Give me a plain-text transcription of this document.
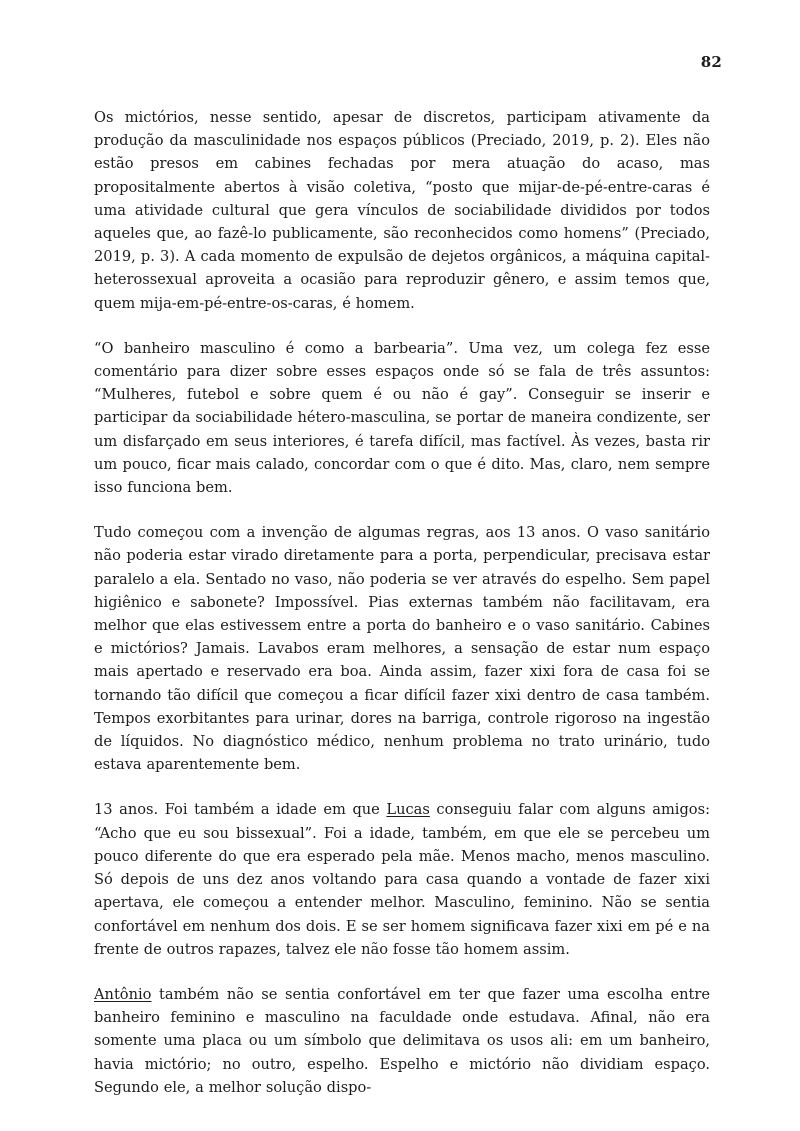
82

Os mictórios, nesse sentido, apesar de discretos, participam ativamente da produção da masculinidade nos espaços públicos (Preciado, 2019, p. 2). Eles não estão presos em cabines fechadas por mera atuação do acaso, mas propositalmente abertos à visão coletiva, “posto que mijar-de-pé-entre-caras é uma atividade cultural que gera vínculos de sociabilidade divididos por todos aqueles que, ao fazê-lo publicamente, são reconhecidos como homens” (Preciado, 2019, p. 3). A cada momento de expulsão de dejetos orgânicos, a máquina capital-heterossexual aproveita a ocasião para reproduzir gênero, e assim temos que, quem mija-em-pé-entre-os-caras, é homem.

“O banheiro masculino é como a barbearia”. Uma vez, um colega fez esse comentário para dizer sobre esses espaços onde só se fala de três assuntos: “Mulheres, futebol e sobre quem é ou não é gay”. Conseguir se inserir e participar da sociabilidade hétero-masculina, se portar de maneira condizente, ser um disfarçado em seus interiores, é tarefa difícil, mas factível. Às vezes, basta rir um pouco, ficar mais calado, concordar com o que é dito. Mas, claro, nem sempre isso funciona bem.

Tudo começou com a invenção de algumas regras, aos 13 anos. O vaso sanitário não poderia estar virado diretamente para a porta, perpendicular, precisava estar paralelo a ela. Sentado no vaso, não poderia se ver através do espelho. Sem papel higiênico e sabonete? Impossível. Pias externas também não facilitavam, era melhor que elas estivessem entre a porta do banheiro e o vaso sanitário. Cabines e mictórios? Jamais. Lavabos eram melhores, a sensação de estar num espaço mais apertado e reservado era boa. Ainda assim, fazer xixi fora de casa foi se tornando tão difícil que começou a ficar difícil fazer xixi dentro de casa também. Tempos exorbitantes para urinar, dores na barriga, controle rigoroso na ingestão de líquidos. No diagnóstico médico, nenhum problema no trato urinário, tudo estava aparentemente bem.

13 anos. Foi também a idade em que Lucas conseguiu falar com alguns amigos: “Acho que eu sou bissexual”. Foi a idade, também, em que ele se percebeu um pouco diferente do que era esperado pela mãe. Menos macho, menos masculino. Só depois de uns dez anos voltando para casa quando a vontade de fazer xixi apertava, ele começou a entender melhor. Masculino, feminino. Não se sentia confortável em nenhum dos dois. E se ser homem significava fazer xixi em pé e na frente de outros rapazes, talvez ele não fosse tão homem assim.

Antônio também não se sentia confortável em ter que fazer uma escolha entre banheiro feminino e masculino na faculdade onde estudava. Afinal, não era somente uma placa ou um símbolo que delimitava os usos ali: em um banheiro, havia mictório; no outro, espelho. Espelho e mictório não dividiam espaço. Segundo ele, a melhor solução dispo-
